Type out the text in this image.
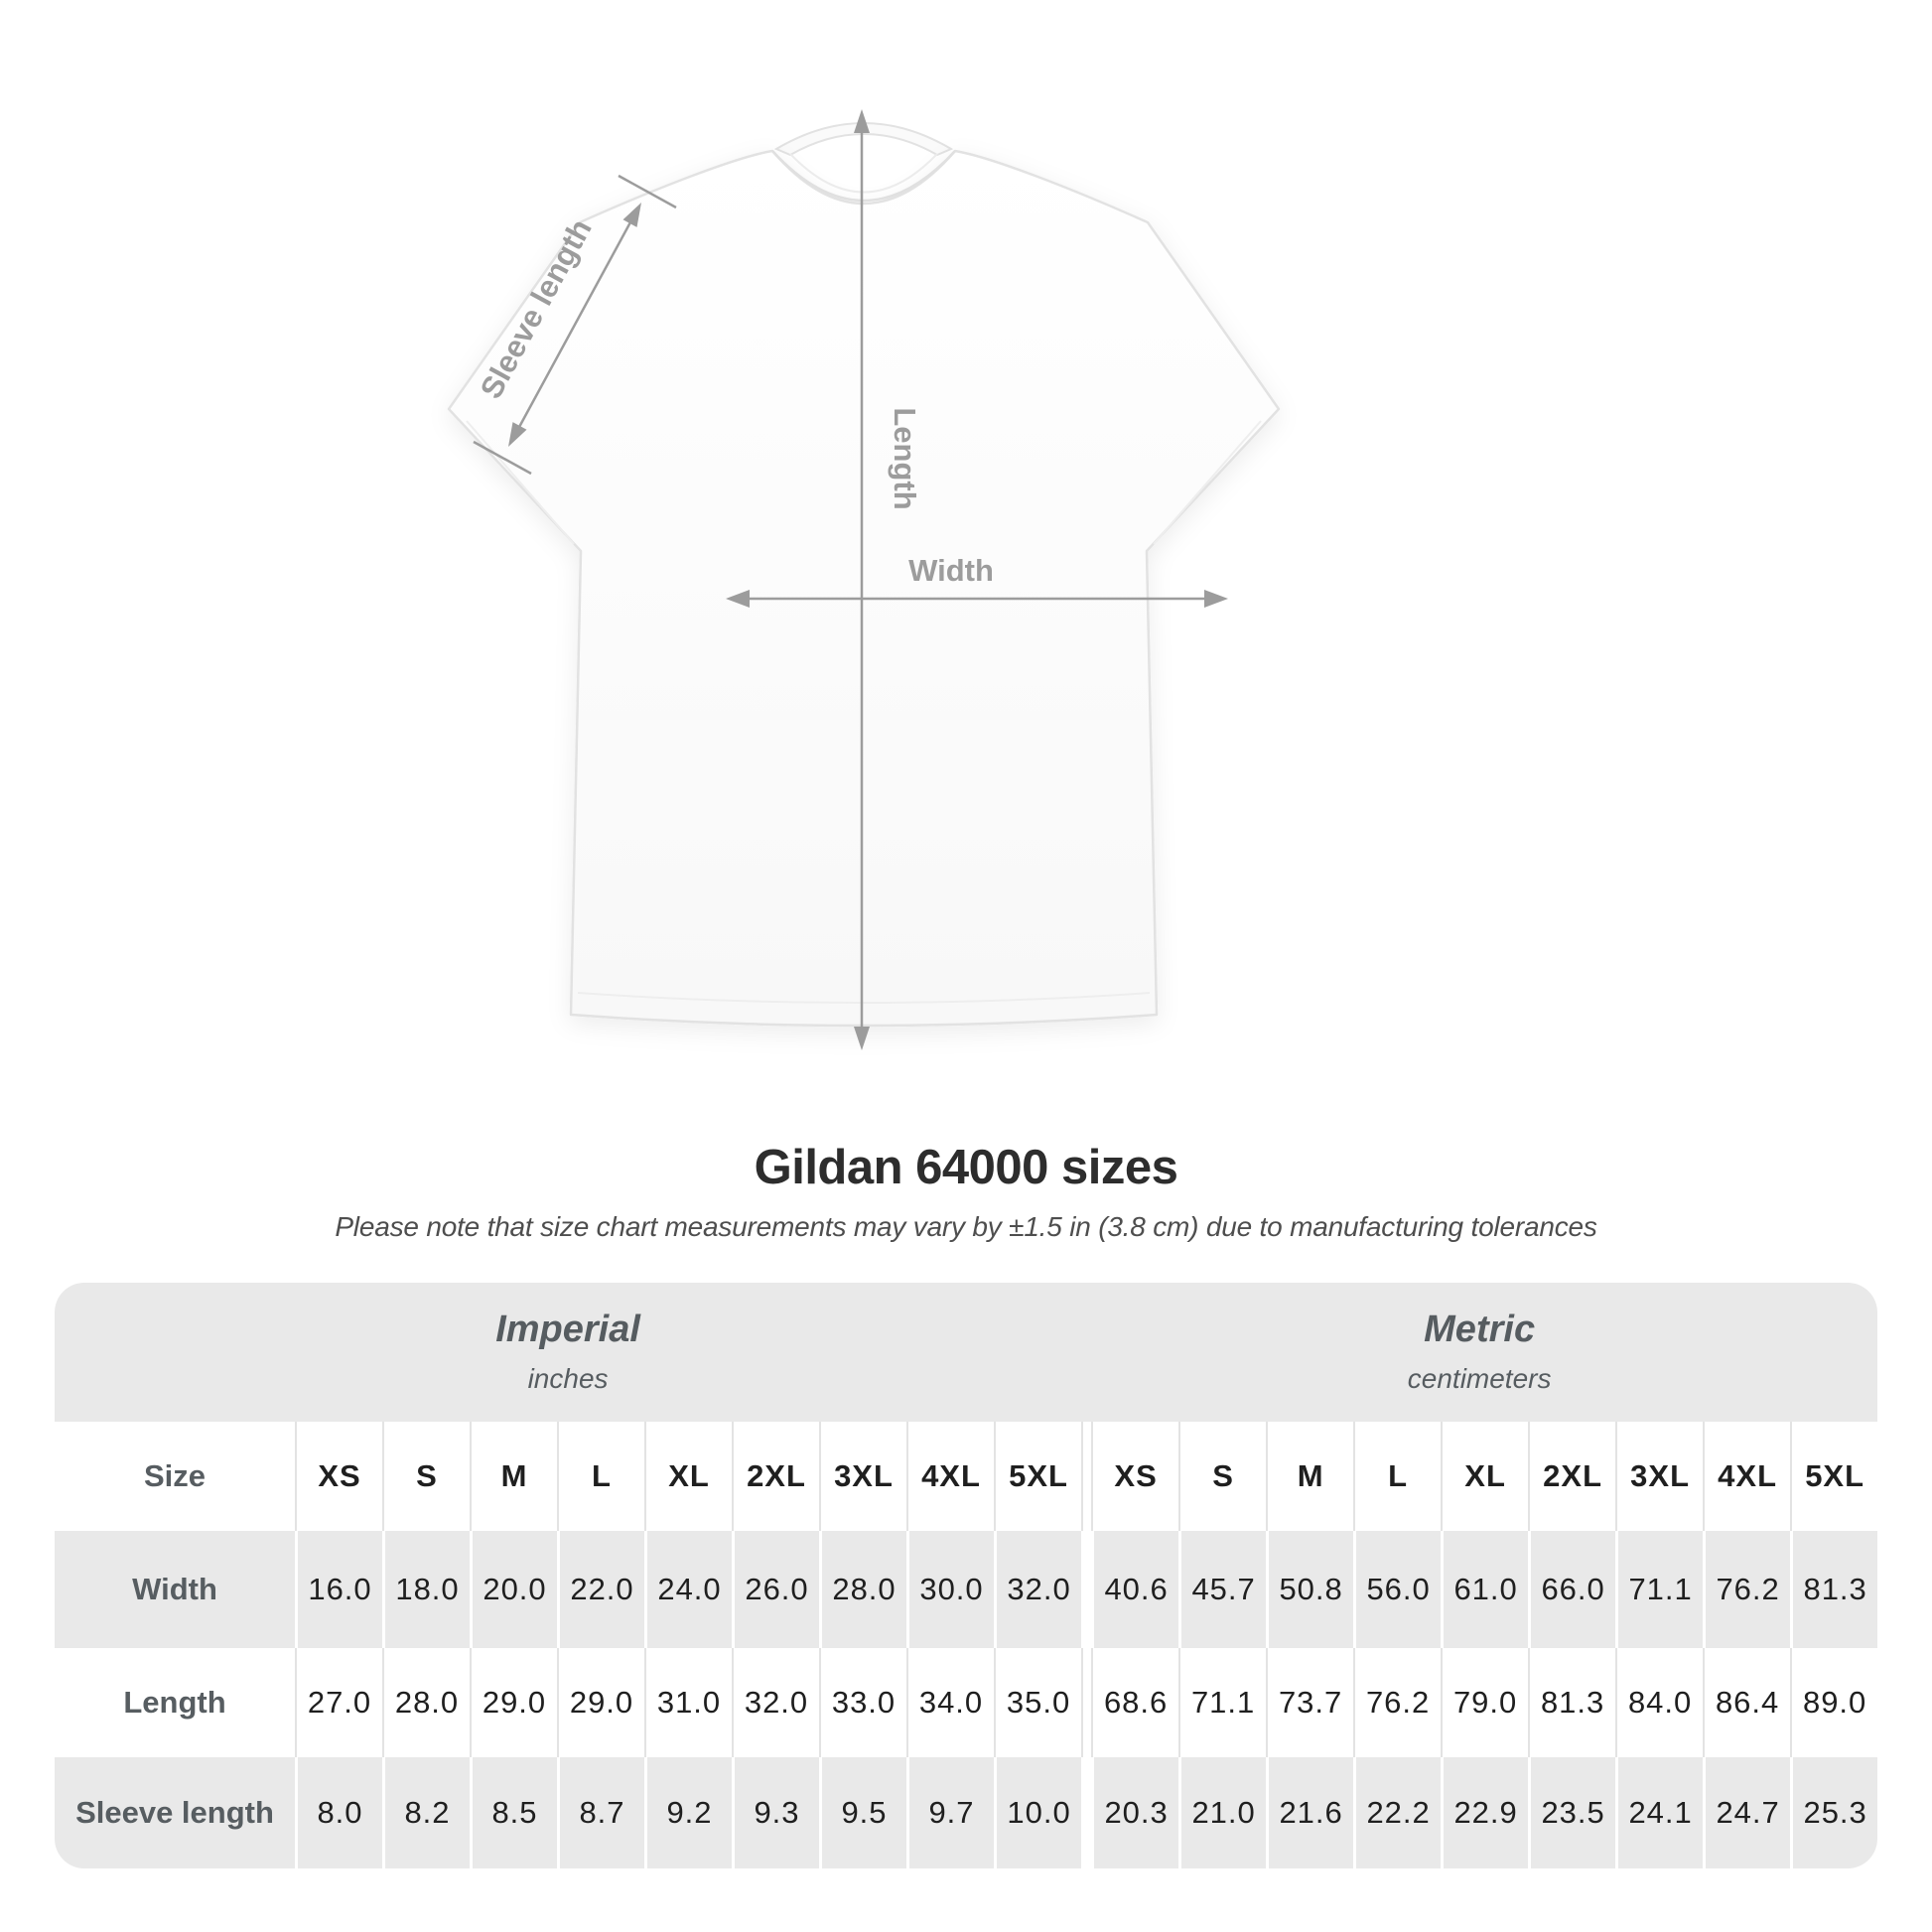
Length
Width
Sleeve length
Gildan 64000 sizes

Please note that size chart measurements may vary by ±1.5 in (3.8 cm) due to manufacturing tolerances

Imperial
inches

Metric
centimeters

Size	XS	S	M	L	XL	2XL	3XL	4XL	5XL		XS	S	M	L	XL	2XL	3XL	4XL	5XL
Width	16.0	18.0	20.0	22.0	24.0	26.0	28.0	30.0	32.0		40.6	45.7	50.8	56.0	61.0	66.0	71.1	76.2	81.3
Length	27.0	28.0	29.0	29.0	31.0	32.0	33.0	34.0	35.0		68.6	71.1	73.7	76.2	79.0	81.3	84.0	86.4	89.0
Sleeve length	8.0	8.2	8.5	8.7	9.2	9.3	9.5	9.7	10.0		20.3	21.0	21.6	22.2	22.9	23.5	24.1	24.7	25.3
